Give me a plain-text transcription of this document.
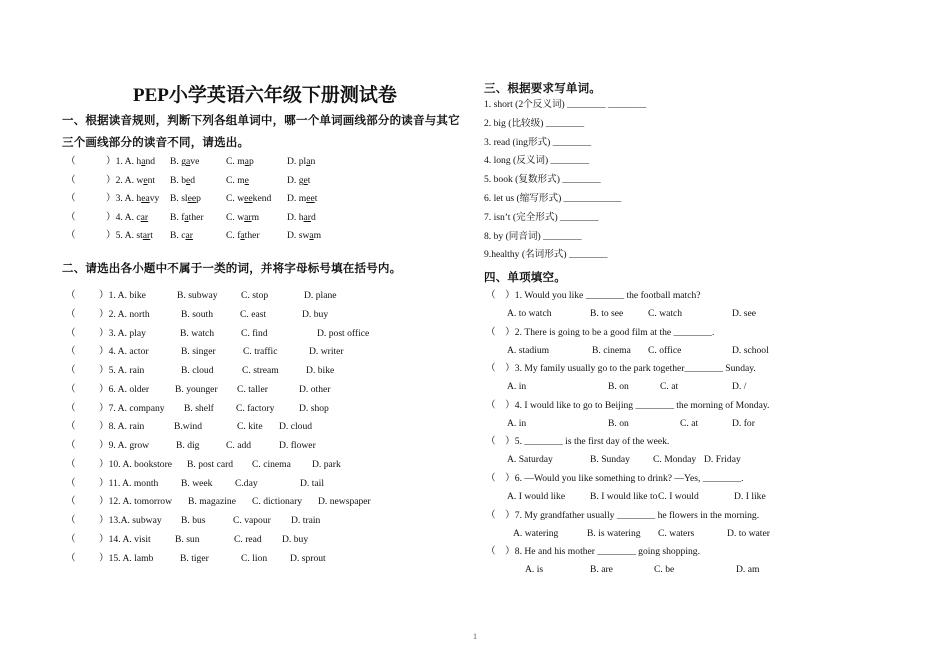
PEP小学英语六年级下册测试卷
一、根据读音规则，判断下列各组单词中，哪一个单词画线部分的读音与其它
三个画线部分的读音不同，请选出。
（	）1. A. hand B. gave	C. map	D. plan
（	）2. A. went B. bed	C. me	D. get
（	）3. A. heavy B. sleep	C. weekend D. meet
（	）4. A. car B. father C. warm	D. hard
（	）5. A. start B. car	C. father	D. swam
二、请选出各小题中不属于一类的词，并将字母标号填在括号内。
（ ）1. A. bike	B. subway C. stop	D. plane
（ ）2. A. north	B. south	C. east	D. buy
（ ）3. A. play	B. watch	C. find	D. post office
（ ）4. A. actor	B. singer	C. traffic	D. writer
（ ）5. A. rain	B. cloud	C. stream	D. bike
（ ）6. A. older	B. younger C. taller	D. other
（ ）7. A. company B. shelf C. factory	D. shop
（ ）8. A. rain	B.wind	C. kite D. cloud
（ ）9. A. grow	B. dig	C. add	D. flower
（ ）10. A. bookstore B. post card C. cinema D. park
（ ）11. A. month B. week C.day	D. tail
（ ）12. A. tomorrow B. magazine C. dictionary D. newspaper
（ ）13.A. subway B. bus	C. vapour D. train
（ ）14. A. visit	B. sun	C. read D. buy
（ ）15. A. lamb	B. tiger	C. lion D. sprout
三、根据要求写单词。
1. short (2个反义词) ________ ________
2. big (比较级) ________
3. read (ing形式) ________
4. long (反义词) ________
5. book (复数形式) ________
6. let us (缩写形式) ____________
7. isn’t (完全形式) ________
8. by (同音词) ________
9.healthy (名词形式) ________
四、单项填空。
（　）1. Would you like ________ the football match?
A. to watch	B. to see	C. watch	D. see
（　）2. There is going to be a good film at the ________.
A. stadium	B. cinema C. office	D. school
（　）3. My family usually go to the park together________ Sunday.
A. in	B. on	C. at	D. /
（　）4. I would like to go to Beijing ________ the morning of Monday.
A. in	B. on	C. at	D. for
（　）5. ________ is the first day of the week.
A. Saturday	B. Sunday C. Monday D. Friday
（　）6. —Would you like something to drink? —Yes, ________.
A. I would like	B. I would like to C. I would	D. I like
（　）7. My grandfather usually ________ he flowers in the morning.
A. watering	B. is watering C. waters	D. to water
（　）8. He and his mother ________ going shopping.
A. is	B. are	C. be	D. am
1
